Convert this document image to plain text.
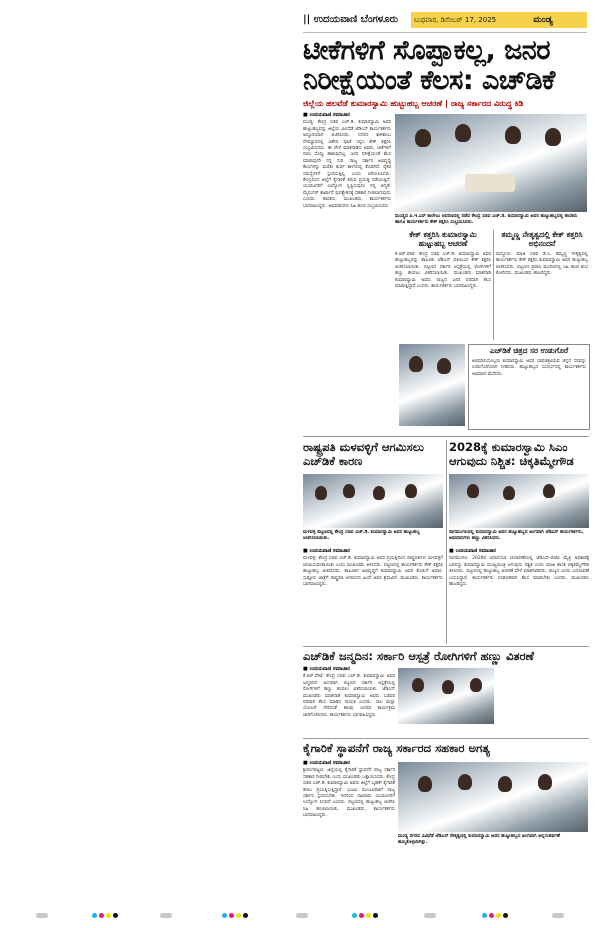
|| ಉದಯವಾಣಿ ಬೆಂಗಳೂರು	ಬುಧವಾರ, ಡಿಸೆಂಬರ್ 17, 2025	ಮಂಡ್ಯ
ಟೀಕೆಗಳಿಗೆ ಸೊಪ್ಪಾಕಲ್ಲ, ಜನರ
ನಿರೀಕ್ಷೆಯಂತೆ ಕೆಲಸ: ಎಚ್‌ಡಿಕೆ
ಜಿಲ್ಲೆಯ ಹಲವೆಡೆ ಕುಮಾರಸ್ವಾಮಿ ಹುಟ್ಟುಹಬ್ಬ ಆಚರಣೆ | ರಾಜ್ಯ ಸರ್ಕಾರದ ವಿರುದ್ಧ ಕಿಡಿ
■ ಉದಯವಾಣಿ ಸಮಾಚಾರ
ಮಂಡ್ಯ: ಕೇಂದ್ರ ಸಚಿವ ಎಚ್.ಡಿ. ಕುಮಾರಸ್ವಾಮಿ ಅವರ ಹುಟ್ಟುಹಬ್ಬವನ್ನು ಜಿಲ್ಲೆಯ ವಿವಿಧೆಡೆ ಜೆಡಿಎಸ್ ಕಾರ್ಯಕರ್ತರು ಅದ್ಧೂರಿಯಾಗಿ ಆಚರಿಸಿದರು. ನಗರದ ಕಾಳಿಕಾಂಬ ದೇವಸ್ಥಾನದಲ್ಲಿ ವಿಶೇಷ ಪೂಜೆ ಸಲ್ಲಿಸಿ ಕೇಕ್ ಕತ್ತರಿಸಿ ಸಂಭ್ರಮಿಸಿದರು. ಈ ವೇಳೆ ಮಾತನಾಡಿದ ಅವರು, ಟೀಕೆಗಳಿಗೆ ನಾನು ಸೊಪ್ಪು ಹಾಕುವುದಿಲ್ಲ. ಜನರ ನಿರೀಕ್ಷೆಯಂತೆ ಕೆಲಸ ಮಾಡುವುದೇ ನನ್ನ ಗುರಿ. ರಾಜ್ಯ ಸರ್ಕಾರ ಅಭಿವೃದ್ಧಿ ಕೆಲಸಗಳನ್ನು ಮರೆತು ಕುರ್ಚಿ ಕಾಳಗದಲ್ಲಿ ತೊಡಗಿದೆ. ರೈತರ ಸಮಸ್ಯೆಗಳಿಗೆ ಸ್ಪಂದಿಸುತ್ತಿಲ್ಲ ಎಂದು ಆರೋಪಿಸಿದರು. ಕೇಂದ್ರದಿಂದ ಜಿಲ್ಲೆಗೆ ಕೈಗಾರಿಕೆ ತರುವ ಪ್ರಯತ್ನ ನಡೆಯುತ್ತಿದೆ. ಯುವಜನರಿಗೆ ಉದ್ಯೋಗ ಸೃಷ್ಟಿಸುವುದು ನನ್ನ ಆದ್ಯತೆ. ಮೈಷುಗರ್ ಕಾರ್ಖಾನೆ ಪುನಶ್ಚೇತನಕ್ಕೆ ಸಹಕಾರ ನೀಡಲಾಗುವುದು ಎಂದರು. ಶಾಸಕರು, ಮುಖಂಡರು, ಕಾರ್ಯಕರ್ತರು ಭಾಗವಹಿಸಿದ್ದರು. ಅಭಿಮಾನಿಗಳು ಸಿಹಿ ಹಂಚಿ ಸಂಭ್ರಮಿಸಿದರು.
ಮಂಡ್ಯದ ಪಿ.ಇ.ಎಸ್ ಕಾಲೇಜು ಆವರಣದಲ್ಲಿ ನಡೆದ ಕೇಂದ್ರ ಸಚಿವ ಎಚ್.ಡಿ. ಕುಮಾರಸ್ವಾಮಿ ಅವರ ಹುಟ್ಟುಹಬ್ಬದಲ್ಲಿ ಶಾಸಕರು ಹಾಗೂ ಕಾರ್ಯಕರ್ತರು ಕೇಕ್ ಕತ್ತರಿಸಿ ಸಂಭ್ರಮಿಸಿದರು.
ಕೇಕ್ ಕತ್ತರಿಸಿ ಕುಮಾರಸ್ವಾಮಿ ಹುಟ್ಟುಹಬ್ಬ ಆಚರಣೆ
ಕೆ.ಆರ್.ಪೇಟೆ: ಕೇಂದ್ರ ಸಚಿವ ಎಚ್.ಡಿ. ಕುಮಾರಸ್ವಾಮಿ ಅವರ ಹುಟ್ಟುಹಬ್ಬವನ್ನು ತಾಲೂಕು ಜೆಡಿಎಸ್ ವತಿಯಿಂದ ಕೇಕ್ ಕತ್ತರಿಸಿ ಆಚರಿಸಲಾಯಿತು. ಪಟ್ಟಣದ ಸರ್ಕಾರಿ ಆಸ್ಪತ್ರೆಯಲ್ಲಿ ರೋಗಿಗಳಿಗೆ ಹಣ್ಣು ಹಂಪಲು ವಿತರಿಸಲಾಯಿತು. ಮುಖಂಡರು ಮಾತನಾಡಿ ಕುಮಾರಸ್ವಾಮಿ ಅವರು ರಾಜ್ಯದ ಜನರ ಪರವಾಗಿ ಕೆಲಸ ಮಾಡುತ್ತಿದ್ದಾರೆ ಎಂದರು. ಕಾರ್ಯಕರ್ತರು ಭಾಗವಹಿಸಿದ್ದರು.
ತಮ್ಮಣ್ಣ ನೇತೃತ್ವದಲ್ಲಿ ಕೇಕ್ ಕತ್ತರಿಸಿ ಅಭಿನಂದನೆ
ಮದ್ದೂರು: ಮಾಜಿ ಸಚಿವ ಡಿ.ಸಿ. ತಮ್ಮಣ್ಣ ನೇತೃತ್ವದಲ್ಲಿ ಕಾರ್ಯಕರ್ತರು ಕೇಕ್ ಕತ್ತರಿಸಿ ಕುಮಾರಸ್ವಾಮಿ ಅವರ ಹುಟ್ಟುಹಬ್ಬ ಆಚರಿಸಿದರು. ಪಟ್ಟಣದ ಪ್ರವಾಸಿ ಮಂದಿರದಲ್ಲಿ ಸಿಹಿ ಹಂಚಿ ಶುಭ ಕೋರಿದರು. ಮುಖಂಡರು ಹಾಜರಿದ್ದರು.
ಎಚ್‌ಡಿಕೆ ಚಿತ್ರದ ಸರ ಉಡುಗೊರೆ
ಅಭಿಮಾನಿಯೊಬ್ಬರು ಕುಮಾರಸ್ವಾಮಿ ಅವರ ಭಾವಚಿತ್ರವಿರುವ ಚಿನ್ನದ ಸರವನ್ನು ಉಡುಗೊರೆಯಾಗಿ ನೀಡಿದರು. ಹುಟ್ಟುಹಬ್ಬದ ಸಂದರ್ಭದಲ್ಲಿ ಕಾರ್ಯಕರ್ತರು ಅಭಿಮಾನ ಮೆರೆದರು.
ರಾಷ್ಟ್ರಪತಿ ಮಳವಳ್ಳಿಗೆ ಆಗಮಿಸಲು ಎಚ್‌ಡಿಕೆ ಕಾರಣ
ಮಳವಳ್ಳಿ ಪಟ್ಟಣದಲ್ಲಿ ಕೇಂದ್ರ ಸಚಿವ ಎಚ್.ಡಿ. ಕುಮಾರಸ್ವಾಮಿ ಅವರ ಹುಟ್ಟುಹಬ್ಬ ಆಚರಿಸಲಾಯಿತು.
■ ಉದಯವಾಣಿ ಸಮಾಚಾರ
ಮಳವಳ್ಳಿ: ಕೇಂದ್ರ ಸಚಿವ ಎಚ್.ಡಿ. ಕುಮಾರಸ್ವಾಮಿ ಅವರ ಪ್ರಯತ್ನದಿಂದ ರಾಷ್ಟ್ರಪತಿಗಳು ಮಳವಳ್ಳಿಗೆ ಆಗಮಿಸುವಂತಾಯಿತು ಎಂದು ಮುಖಂಡರು ತಿಳಿಸಿದರು. ಪಟ್ಟಣದಲ್ಲಿ ಕಾರ್ಯಕರ್ತರು ಕೇಕ್ ಕತ್ತರಿಸಿ ಹುಟ್ಟುಹಬ್ಬ ಆಚರಿಸಿದರು. ತಾಲೂಕಿನ ಅಭಿವೃದ್ಧಿಗೆ ಕುಮಾರಸ್ವಾಮಿ ಅವರ ಕೊಡುಗೆ ಅಪಾರ. ಸುತ್ತೂರು ಜಾತ್ರೆಗೆ ರಾಷ್ಟ್ರಪತಿ ಆಗಮನದ ಹಿಂದೆ ಅವರ ಶ್ರಮವಿದೆ. ಮುಖಂಡರು, ಕಾರ್ಯಕರ್ತರು ಭಾಗವಹಿಸಿದ್ದರು.
2028ಕ್ಕೆ ಕುಮಾರಸ್ವಾಮಿ ಸಿಎಂ ಆಗುವುದು ನಿಶ್ಚಿತ: ಚಿಕ್ಕತಿಮ್ಮೇಗೌಡ
ನಾಗಮಂಗಲದಲ್ಲಿ ಕುಮಾರಸ್ವಾಮಿ ಅವರ ಹುಟ್ಟುಹಬ್ಬದ ಅಂಗವಾಗಿ ಜೆಡಿಎಸ್ ಕಾರ್ಯಕರ್ತರು, ಅಭಿಮಾನಿಗಳು ಹಣ್ಣು ವಿತರಿಸಿದರು.
■ ಉದಯವಾಣಿ ಸಮಾಚಾರ
ನಾಗಮಂಗಲ: 2028ರ ವಿಧಾನಸಭಾ ಚುನಾವಣೆಯಲ್ಲಿ ಜೆಡಿಎಸ್-ಬಿಜೆಪಿ ಮೈತ್ರಿ ಅಧಿಕಾರಕ್ಕೆ ಬರಲಿದ್ದು ಕುಮಾರಸ್ವಾಮಿ ಮುಖ್ಯಮಂತ್ರಿ ಆಗುವುದು ನಿಶ್ಚಿತ ಎಂದು ಮಾಜಿ ಶಾಸಕ ಚಿಕ್ಕತಿಮ್ಮೇಗೌಡ ತಿಳಿಸಿದರು. ಪಟ್ಟಣದಲ್ಲಿ ಹುಟ್ಟುಹಬ್ಬ ಆಚರಣೆ ವೇಳೆ ಮಾತನಾಡಿದರು. ರಾಜ್ಯದ ಜನರು ಬದಲಾವಣೆ ಬಯಸಿದ್ದಾರೆ. ಕಾರ್ಯಕರ್ತರು ಸಂಘಟಿತರಾಗಿ ಕೆಲಸ ಮಾಡಬೇಕು ಎಂದರು. ಮುಖಂಡರು ಹಾಜರಿದ್ದರು.
ಎಚ್‌ಡಿಕೆ ಜನ್ಮದಿನ: ಸರ್ಕಾರಿ ಆಸ್ಪತ್ರೆ ರೋಗಿಗಳಿಗೆ ಹಣ್ಣು ವಿತರಣೆ
■ ಉದಯವಾಣಿ ಸಮಾಚಾರ
ಕೆ.ಆರ್.ಪೇಟೆ: ಕೇಂದ್ರ ಸಚಿವ ಎಚ್.ಡಿ. ಕುಮಾರಸ್ವಾಮಿ ಅವರ ಜನ್ಮದಿನದ ಅಂಗವಾಗಿ ಪಟ್ಟಣದ ಸರ್ಕಾರಿ ಆಸ್ಪತ್ರೆಯಲ್ಲಿ ರೋಗಿಗಳಿಗೆ ಹಣ್ಣು ಹಂಪಲು ವಿತರಿಸಲಾಯಿತು. ಜೆಡಿಎಸ್ ಮುಖಂಡರು ಮಾತನಾಡಿ ಕುಮಾರಸ್ವಾಮಿ ಅವರು ಬಡವರ ಪರವಾಗಿ ಕೆಲಸ ಮಾಡಿದ ನಾಯಕ ಎಂದರು. ಸಾಲ ಮನ್ನಾ ಯೋಜನೆ ಸೇರಿದಂತೆ ಹಲವು ಜನಪರ ಕಾರ್ಯಕ್ರಮ ಜಾರಿಗೊಳಿಸಿದರು. ಕಾರ್ಯಕರ್ತರು ಭಾಗವಹಿಸಿದ್ದರು.
ಕೈಗಾರಿಕೆ ಸ್ಥಾಪನೆಗೆ ರಾಜ್ಯ ಸರ್ಕಾರದ ಸಹಕಾರ ಅಗತ್ಯ
■ ಉದಯವಾಣಿ ಸಮಾಚಾರ
ಶ್ರೀರಂಗಪಟ್ಟಣ: ಜಿಲ್ಲೆಯಲ್ಲಿ ಕೈಗಾರಿಕೆ ಸ್ಥಾಪನೆಗೆ ರಾಜ್ಯ ಸರ್ಕಾರ ಸಹಕಾರ ನೀಡಬೇಕು ಎಂದು ಮುಖಂಡರು ಒತ್ತಾಯಿಸಿದರು. ಕೇಂದ್ರ ಸಚಿವ ಎಚ್.ಡಿ. ಕುಮಾರಸ್ವಾಮಿ ಅವರು ಜಿಲ್ಲೆಗೆ ಬೃಹತ್ ಕೈಗಾರಿಕೆ ತರಲು ಪ್ರಯತ್ನಿಸುತ್ತಿದ್ದಾರೆ. ಭೂಮಿ ಮಂಜೂರಾತಿಗೆ ರಾಜ್ಯ ಸರ್ಕಾರ ಸ್ಪಂದಿಸಬೇಕು. ಇದರಿಂದ ಸಾವಿರಾರು ಯುವಜನರಿಗೆ ಉದ್ಯೋಗ ಸಿಗಲಿದೆ ಎಂದರು. ಪಟ್ಟಣದಲ್ಲಿ ಹುಟ್ಟುಹಬ್ಬ ಆಚರಿಸಿ ಸಿಹಿ ಹಂಚಲಾಯಿತು. ಮುಖಂಡರು, ಕಾರ್ಯಕರ್ತರು ಭಾಗವಹಿಸಿದ್ದರು.
ಮಂಡ್ಯ ನಗರದ ವಿವಿಧೆಡೆ ಜೆಡಿಎಸ್ ನೇತೃತ್ವದಲ್ಲಿ ಕುಮಾರಸ್ವಾಮಿ ಅವರ ಹುಟ್ಟುಹಬ್ಬದ ಅಂಗವಾಗಿ ಅನ್ನಸಂತರ್ಪಣೆ ಹಮ್ಮಿಕೊಳ್ಳಲಾಗಿತ್ತು.
